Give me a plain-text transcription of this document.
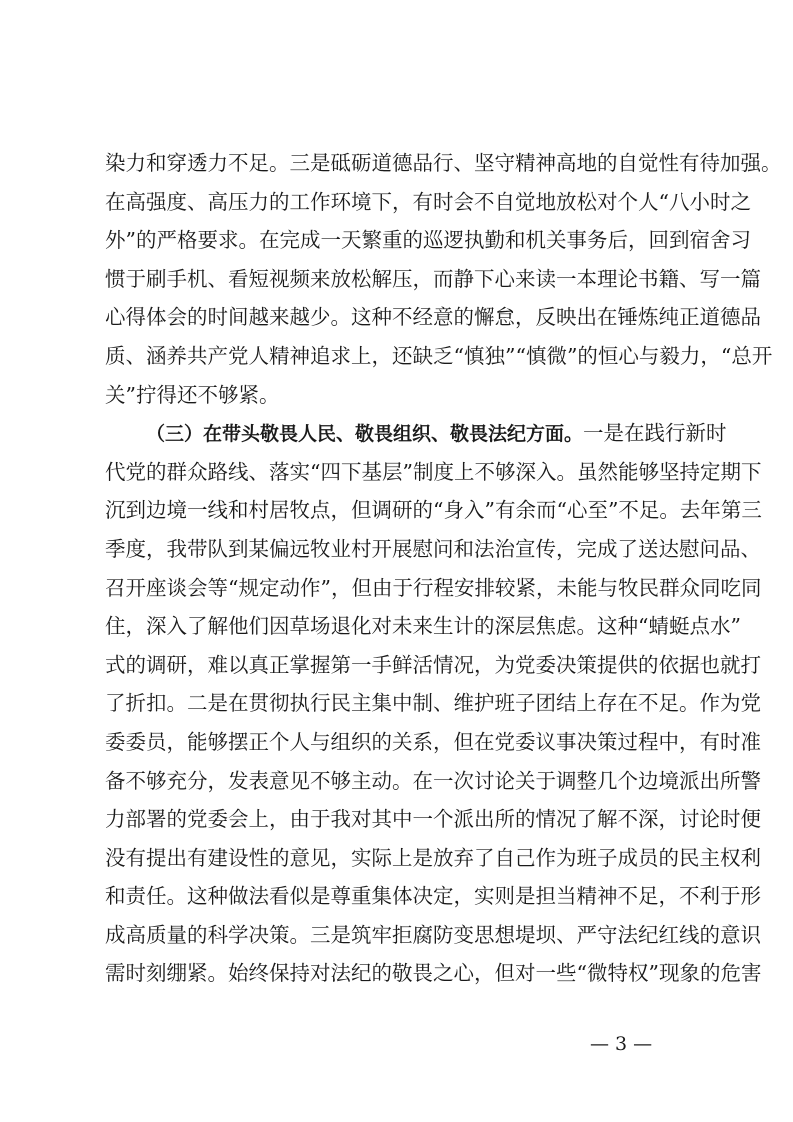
染力和穿透力不足。三是砥砺道德品行、坚守精神高地的自觉性有待加强。
在高强度、高压力的工作环境下，有时会不自觉地放松对个人“八小时之
外”的严格要求。在完成一天繁重的巡逻执勤和机关事务后，回到宿舍习
惯于刷手机、看短视频来放松解压，而静下心来读一本理论书籍、写一篇
心得体会的时间越来越少。这种不经意的懈怠，反映出在锤炼纯正道德品
质、涵养共产党人精神追求上，还缺乏“慎独”“慎微”的恒心与毅力，“总开
关”拧得还不够紧。
（三）在带头敬畏人民、敬畏组织、敬畏法纪方面。一是在践行新时
代党的群众路线、落实“四下基层”制度上不够深入。虽然能够坚持定期下
沉到边境一线和村居牧点，但调研的“身入”有余而“心至”不足。去年第三
季度，我带队到某偏远牧业村开展慰问和法治宣传，完成了送达慰问品、
召开座谈会等“规定动作”，但由于行程安排较紧，未能与牧民群众同吃同
住，深入了解他们因草场退化对未来生计的深层焦虑。这种“蜻蜓点水”
式的调研，难以真正掌握第一手鲜活情况，为党委决策提供的依据也就打
了折扣。二是在贯彻执行民主集中制、维护班子团结上存在不足。作为党
委委员，能够摆正个人与组织的关系，但在党委议事决策过程中，有时准
备不够充分，发表意见不够主动。在一次讨论关于调整几个边境派出所警
力部署的党委会上，由于我对其中一个派出所的情况了解不深，讨论时便
没有提出有建设性的意见，实际上是放弃了自己作为班子成员的民主权利
和责任。这种做法看似是尊重集体决定，实则是担当精神不足，不利于形
成高质量的科学决策。三是筑牢拒腐防变思想堤坝、严守法纪红线的意识
需时刻绷紧。始终保持对法纪的敬畏之心，但对一些“微特权”现象的危害
— 3 —
